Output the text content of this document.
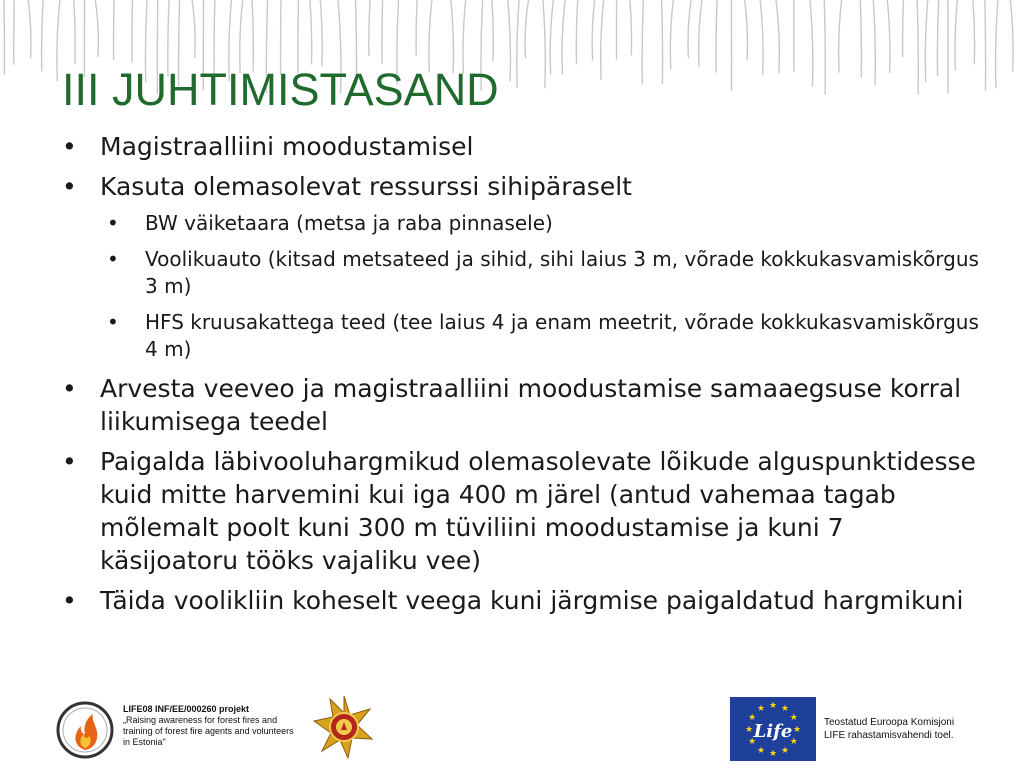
III JUHTIMISTASAND
• Magistraalliini moodustamisel
• Kasuta olemasolevat ressurssi sihipäraselt
• BW väiketaara (metsa ja raba pinnasele)
• Voolikuauto (kitsad metsateed ja sihid, sihi laius 3 m, võrade kokkukasvamiskõrgus 3 m)
• HFS kruusakattega teed (tee laius 4 ja enam meetrit, võrade kokkukasvamiskõrgus 4 m)
• Arvesta veeveo ja magistraalliini moodustamise samaaegsuse korral liikumisega teedel
• Paigalda läbivooluhargmikud olemasolevate lõikude alguspunktidesse kuid mitte harvemini kui iga 400 m järel (antud vahemaa tagab mõlemalt poolt kuni 300 m tüviliini moodustamise ja kuni 7 käsijoatoru tööks vajaliku vee)
• Täida voolikliin koheselt veega kuni järgmise paigaldatud hargmikuni
LIFE08 INF/EE/000260 projekt
„Raising awareness for forest fires and training of forest fire agents and volunteers in Estonia"
★
★
★
★
★
★
★
★
★ ★ ★
★
Life	Teostatud Euroopa Komisjoni
LIFE rahastamisvahendi toel.
